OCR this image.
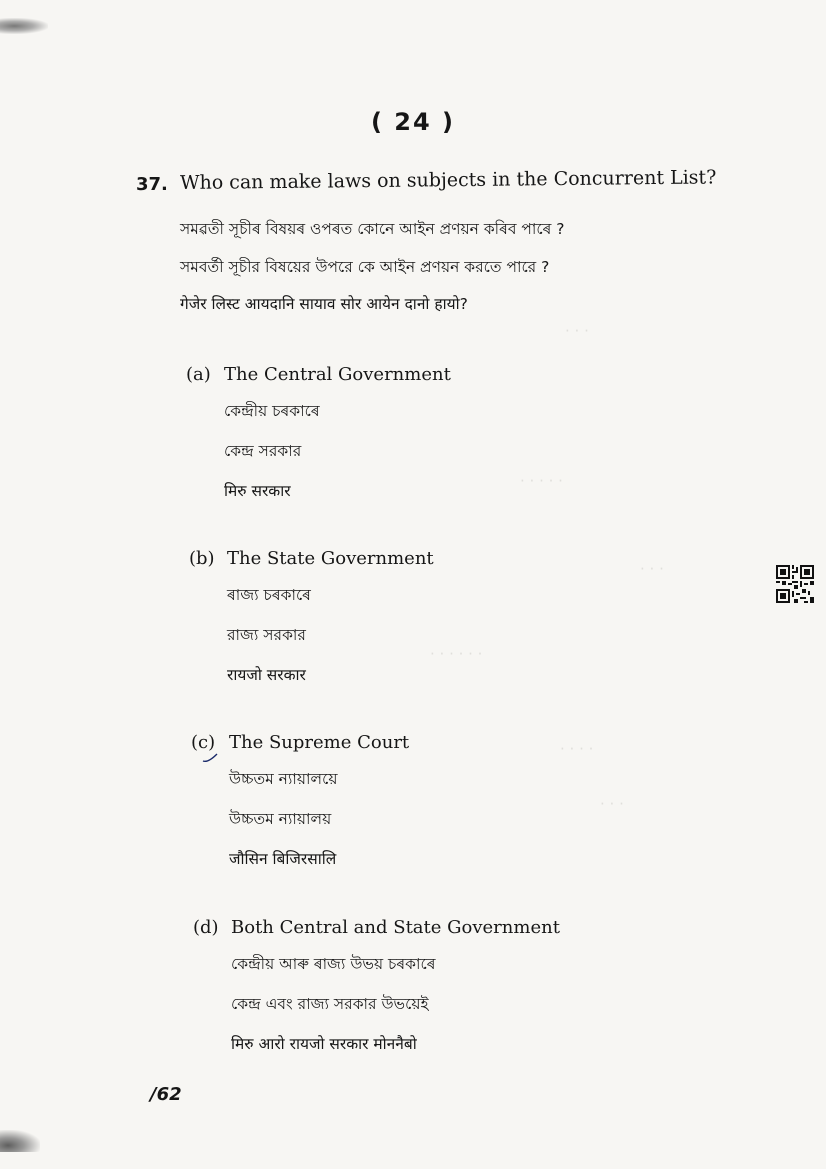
· · ·
· · · · ·
· · ·
· · · · · ·
· · · ·
· · ·
( 24 )
37. Who can make laws on subjects in the Concurrent List?
সমৱতী সূচীৰ বিষয়ৰ ওপৰত কোনে আইন প্ৰণয়ন কৰিব পাৰে ?
সমবর্তী সূচীর বিষয়ের উপরে কে আইন প্রণয়ন করতে পারে ?
गेजेर लिस्ट आयदानि सायाव सोर आयेन दानो हायो?
(a) The Central Government
কেন্দ্ৰীয় চৰকাৰে
কেন্দ্র সরকার
मिरु सरकार
(b) The State Government
ৰাজ্য চৰকাৰে
রাজ্য সরকার
रायजो सरकार
(c) The Supreme Court
উচ্চতম ন্যায়ালয়ে
উচ্চতম ন্যায়ালয়
जौसिन बिजिरसालि
(d) Both Central and State Government
কেন্দ্ৰীয় আৰু ৰাজ্য উভয় চৰকাৰে
কেন্দ্র এবং রাজ্য সরকার উভয়েই
मिरु आरो रायजो सरकार मोननैबो
/62
